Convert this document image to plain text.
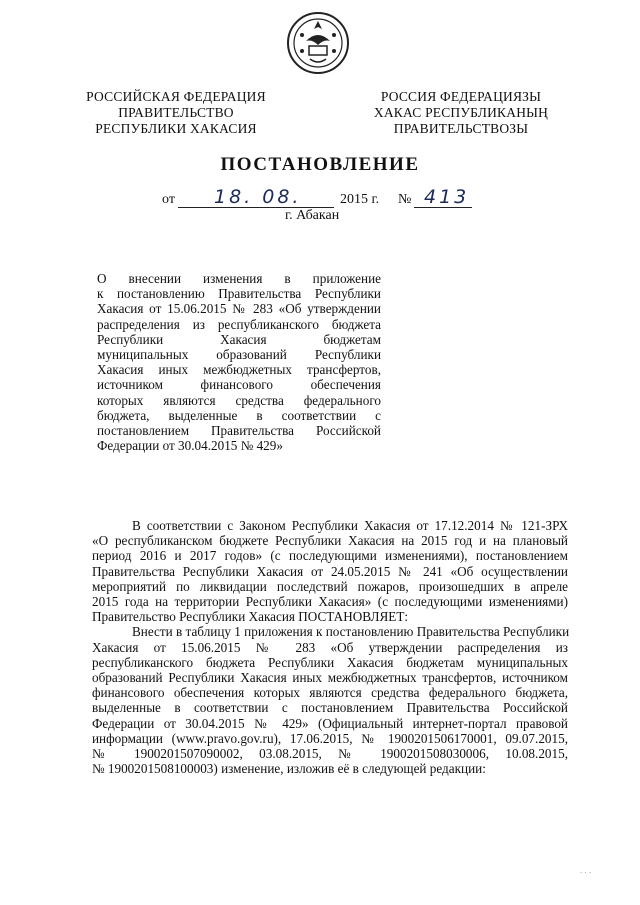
РОССИЙСКАЯ ФЕДЕРАЦИЯ
ПРАВИТЕЛЬСТВО
РЕСПУБЛИКИ ХАКАСИЯ
РОССИЯ ФЕДЕРАЦИЯЗЫ
ХАКАС РЕСПУБЛИКАНЫҢ
ПРАВИТЕЛЬСТВОЗЫ
ПОСТАНОВЛЕНИЕ
от 18. 08.	2015 г. № 413
г. Абакан
О внесении изменения в приложение
к постановлению Правительства Республики
Хакасия от 15.06.2015 № 283 «Об утверждении
распределения из республиканского бюджета
Республики Хакасия бюджетам
муниципальных образований Республики
Хакасия иных межбюджетных трансфертов,
источником финансового обеспечения
которых являются средства федерального
бюджета, выделенные в соответствии с
постановлением Правительства Российской
Федерации от 30.04.2015 № 429»
В соответствии с Законом Республики Хакасия от 17.12.2014 № 121-ЗРХ
«О республиканском бюджете Республики Хакасия на 2015 год и на плановый
период 2016 и 2017 годов» (с последующими изменениями), постановлением
Правительства Республики Хакасия от 24.05.2015 № 241 «Об осуществлении
мероприятий по ликвидации последствий пожаров, произошедших в апреле
2015 года на территории Республики Хакасия» (с последующими изменениями)
Правительство Республики Хакасия ПОСТАНОВЛЯЕТ:
Внести в таблицу 1 приложения к постановлению Правительства Республики
Хакасия от 15.06.2015 № 283 «Об утверждении распределения из
республиканского бюджета Республики Хакасия бюджетам муниципальных
образований Республики Хакасия иных межбюджетных трансфертов, источником
финансового обеспечения которых являются средства федерального бюджета,
выделенные в соответствии с постановлением Правительства Российской
Федерации от 30.04.2015 № 429» (Официальный интернет-портал правовой
информации (www.pravo.gov.ru), 17.06.2015, № 1900201506170001, 09.07.2015,
№ 1900201507090002, 03.08.2015, № 1900201508030006, 10.08.2015,
№ 1900201508100003) изменение, изложив её в следующей редакции:
· · ·
